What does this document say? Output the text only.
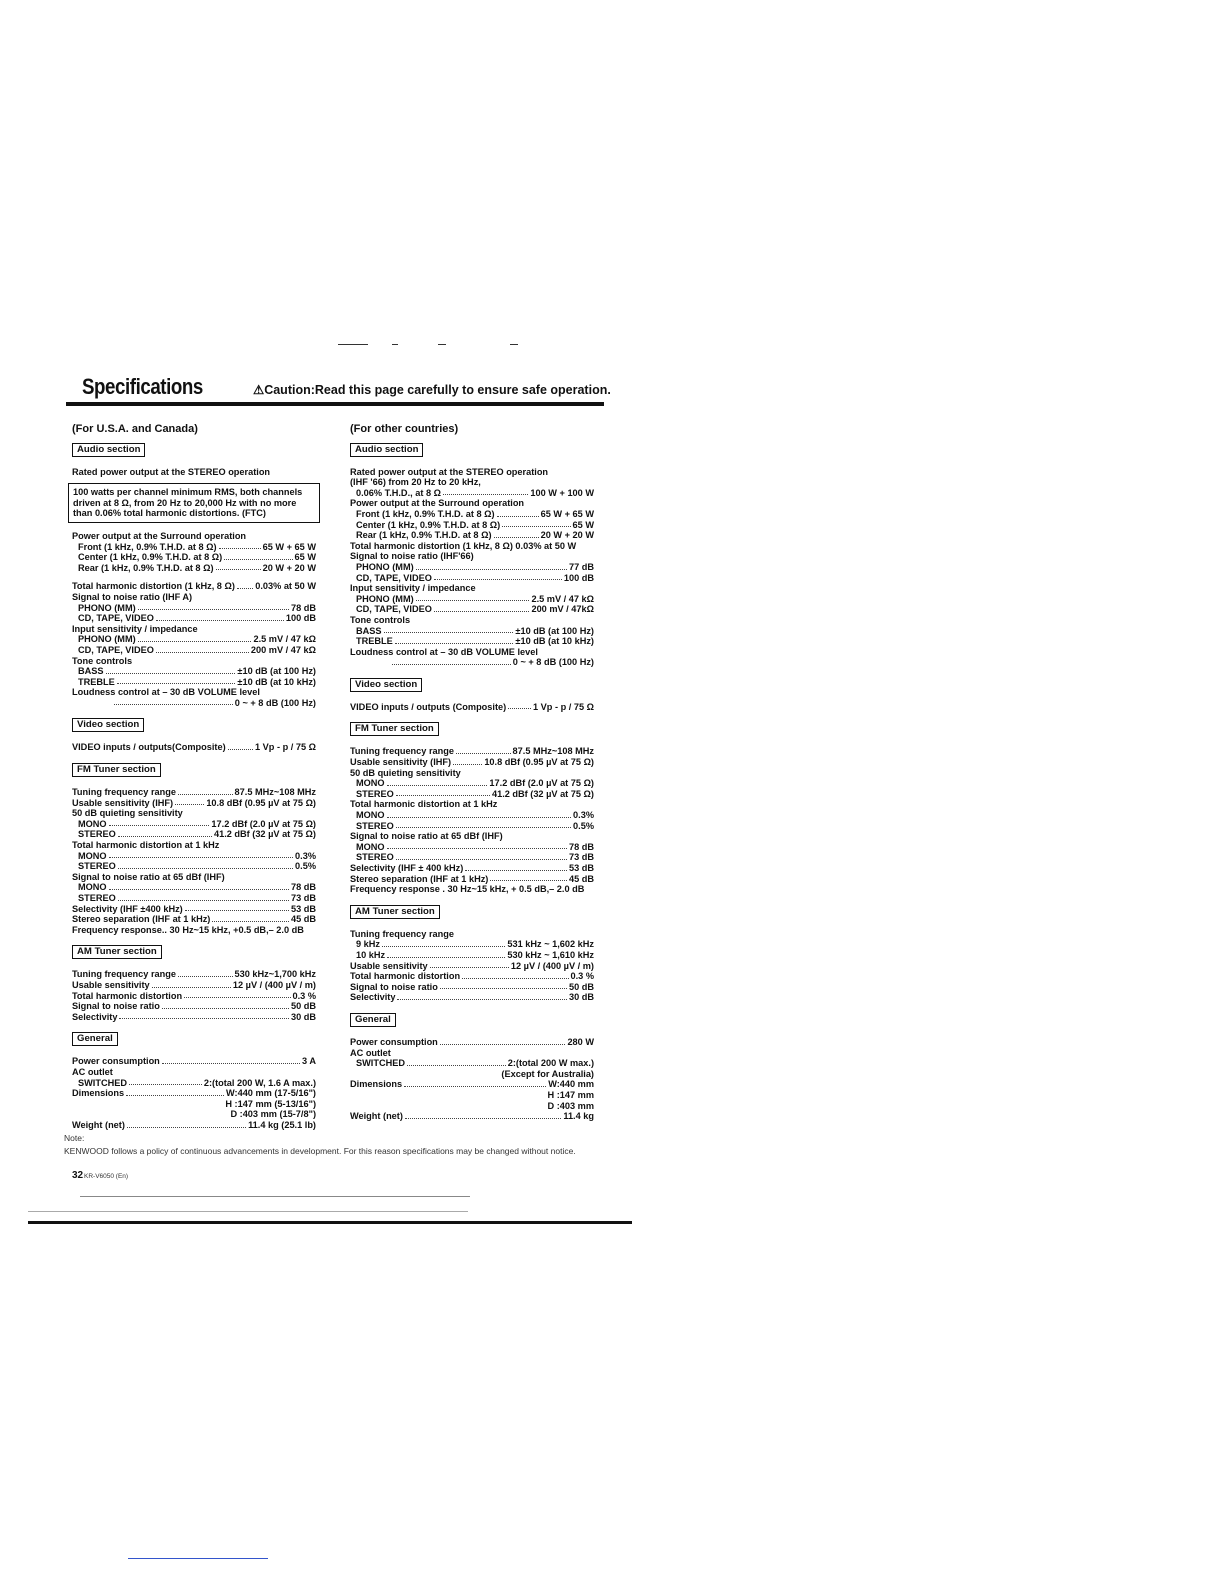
Specifications	⚠Caution:Read this page carefully to ensure safe operation.
(For U.S.A. and Canada)
Audio section
Rated power output at the STEREO operation
100 watts per channel minimum RMS, both channels driven at 8 Ω, from 20 Hz to 20,000 Hz with no more than 0.06% total harmonic distortions. (FTC)
Power output at the Surround operation
Front (1 kHz, 0.9% T.H.D. at 8 Ω)	65 W + 65 W
Center (1 kHz, 0.9% T.H.D. at 8 Ω)	65 W
Rear (1 kHz, 0.9% T.H.D. at 8 Ω)	20 W + 20 W
Total harmonic distortion (1 kHz, 8 Ω) 0.03% at 50 W
Signal to noise ratio (IHF A)
PHONO (MM)	78 dB
CD, TAPE, VIDEO	100 dB
Input sensitivity / impedance
PHONO (MM)	2.5 mV / 47 kΩ
CD, TAPE, VIDEO	200 mV / 47 kΩ
Tone controls
BASS	±10 dB (at 100 Hz)
TREBLE	±10 dB (at 10 kHz)
Loudness control at – 30 dB VOLUME level
0 ~ + 8 dB (100 Hz)
Video section
VIDEO inputs / outputs(Composite)	1 Vp - p / 75 Ω
FM Tuner section
Tuning frequency range	87.5 MHz~108 MHz
Usable sensitivity (IHF)	10.8 dBf (0.95 µV at 75 Ω)
50 dB quieting sensitivity
MONO	17.2 dBf (2.0 µV at 75 Ω)
STEREO	41.2 dBf (32 µV at 75 Ω)
Total harmonic distortion at 1 kHz
MONO	0.3%
STEREO	0.5%
Signal to noise ratio at 65 dBf (IHF)
MONO	78 dB
STEREO	73 dB
Selectivity (IHF ±400 kHz)	53 dB
Stereo separation (IHF at 1 kHz)	45 dB
Frequency response..
30 Hz~15 kHz, +0.5 dB,– 2.0 dB
AM Tuner section
Tuning frequency range	530 kHz~1,700 kHz
Usable sensitivity	12 µV / (400 µV / m)
Total harmonic distortion	0.3 %
Signal to noise ratio	50 dB
Selectivity	30 dB
General
Power consumption	3 A
AC outlet
SWITCHED	2:(total 200 W, 1.6 A max.)
Dimensions	W:440 mm (17-5/16")
H :147 mm (5-13/16")
D :403 mm (15-7/8")
Weight (net)	11.4 kg (25.1 lb)
(For other countries)
Audio section
Rated power output at the STEREO operation
(IHF '66) from 20 Hz to 20 kHz,
0.06% T.H.D., at 8 Ω	100 W + 100 W
Power output at the Surround operation
Front (1 kHz, 0.9% T.H.D. at 8 Ω)	65 W + 65 W
Center (1 kHz, 0.9% T.H.D. at 8 Ω)	65 W
Rear (1 kHz, 0.9% T.H.D. at 8 Ω)	20 W + 20 W
Total harmonic distortion (1 kHz, 8 Ω) 0.03% at 50 W
Signal to noise ratio (IHF'66)
PHONO (MM)	77 dB
CD, TAPE, VIDEO	100 dB
Input sensitivity / impedance
PHONO (MM)	2.5 mV / 47 kΩ
CD, TAPE, VIDEO	200 mV / 47kΩ
Tone controls
BASS	±10 dB (at 100 Hz)
TREBLE	±10 dB (at 10 kHz)
Loudness control at – 30 dB VOLUME level
0 ~ + 8 dB (100 Hz)
Video section
VIDEO inputs / outputs (Composite)	1 Vp - p / 75 Ω
FM Tuner section
Tuning frequency range	87.5 MHz~108 MHz
Usable sensitivity (IHF)	10.8 dBf (0.95 µV at 75 Ω)
50 dB quieting sensitivity
MONO	17.2 dBf (2.0 µV at 75 Ω)
STEREO	41.2 dBf (32 µV at 75 Ω)
Total harmonic distortion at 1 kHz
MONO	0.3%
STEREO	0.5%
Signal to noise ratio at 65 dBf (IHF)
MONO	78 dB
STEREO	73 dB
Selectivity (IHF ± 400 kHz)	53 dB
Stereo separation (IHF at 1 kHz)	45 dB
Frequency response . 30 Hz~15 kHz, + 0.5 dB,– 2.0 dB
AM Tuner section
Tuning frequency range
9 kHz	531 kHz ~ 1,602 kHz
10 kHz	530 kHz ~ 1,610 kHz
Usable sensitivity	12 µV / (400 µV / m)
Total harmonic distortion	0.3 %
Signal to noise ratio	50 dB
Selectivity	30 dB
General
Power consumption	280 W
AC outlet
SWITCHED	2:(total 200 W max.)
(Except for Australia)
Dimensions	W:440 mm
H :147 mm
D :403 mm
Weight (net)	11.4 kg
Note:
KENWOOD follows a policy of continuous advancements in development. For this reason specifications may be changed without notice.
32 KR-V6050 (En)
